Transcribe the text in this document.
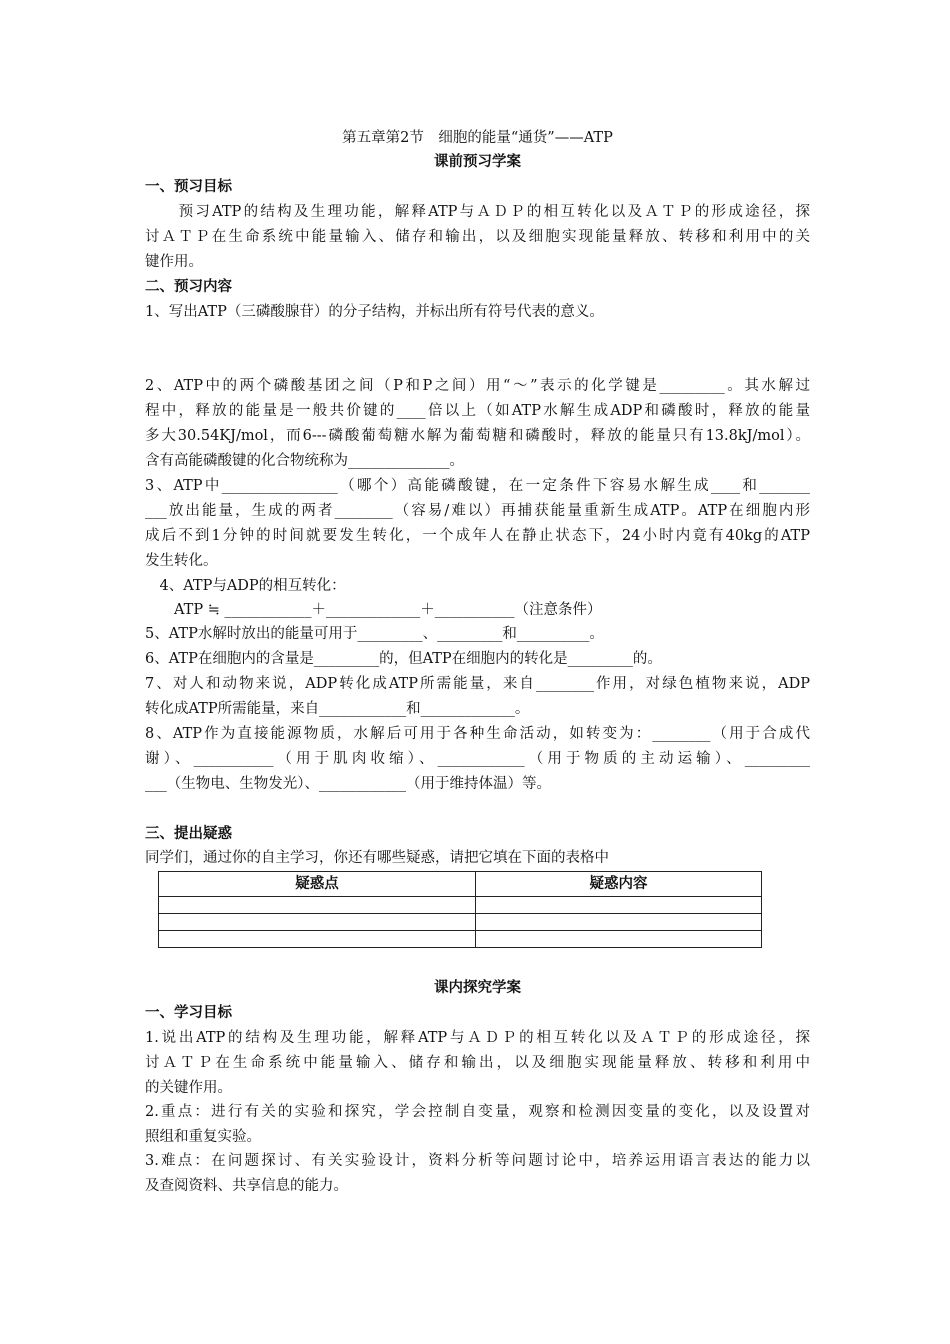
第五章第2节　细胞的能量“通货”——ATP
课前预习学案
一、预习目标
　　预习ATP的结构及生理功能，解释ATP与ＡＤＰ的相互转化以及ＡＴＰ的形成途径，探
讨ＡＴＰ在生命系统中能量输入、储存和输出，以及细胞实现能量释放、转移和利用中的关
键作用。
二、预习内容
1、写出ATP（三磷酸腺苷）的分子结构，并标出所有符号代表的意义。
2、ATP中的两个磷酸基团之间（P和P之间）用“～”表示的化学键是_________。其水解过
程中，释放的能量是一般共价键的____倍以上（如ATP水解生成ADP和磷酸时，释放的能量
多大30.54KJ/mol，而6---磷酸葡萄糖水解为葡萄糖和磷酸时，释放的能量只有13.8kJ/mol）。
含有高能磷酸键的化合物统称为______________。
3、ATP中________________（哪个）高能磷酸键，在一定条件下容易水解生成____和_______
___放出能量，生成的两者________（容易/难以）再捕获能量重新生成ATP。ATP在细胞内形
成后不到1分钟的时间就要发生转化，一个成年人在静止状态下，24小时内竟有40kg的ATP
发生转化。
　4、ATP与ADP的相互转化：
　　ATP ≒ ____________＋_____________＋___________（注意条件）
5、ATP水解时放出的能量可用于_________、_________和__________。
6、ATP在细胞内的含量是_________的，但ATP在细胞内的转化是_________的。
7、对人和动物来说，ADP转化成ATP所需能量，来自________作用，对绿色植物来说，ADP
转化成ATP所需能量，来自____________和_____________。
8、ATP作为直接能源物质，水解后可用于各种生命活动，如转变为：________（用于合成代
谢）、___________（用于肌肉收缩）、____________（用于物质的主动运输）、_________
___（生物电、生物发光）、____________（用于维持体温）等。
三、提出疑惑
同学们，通过你的自主学习，你还有哪些疑惑，请把它填在下面的表格中
疑惑点	疑惑内容

课内探究学案
一、学习目标
1.说出ATP的结构及生理功能，解释ATP与ＡＤＰ的相互转化以及ＡＴＰ的形成途径，探
讨ＡＴＰ在生命系统中能量输入、储存和输出，以及细胞实现能量释放、转移和利用中
的关键作用。
2.重点：进行有关的实验和探究，学会控制自变量，观察和检测因变量的变化，以及设置对
照组和重复实验。
3.难点：在问题探讨、有关实验设计，资料分析等问题讨论中，培养运用语言表达的能力以
及查阅资料、共享信息的能力。
